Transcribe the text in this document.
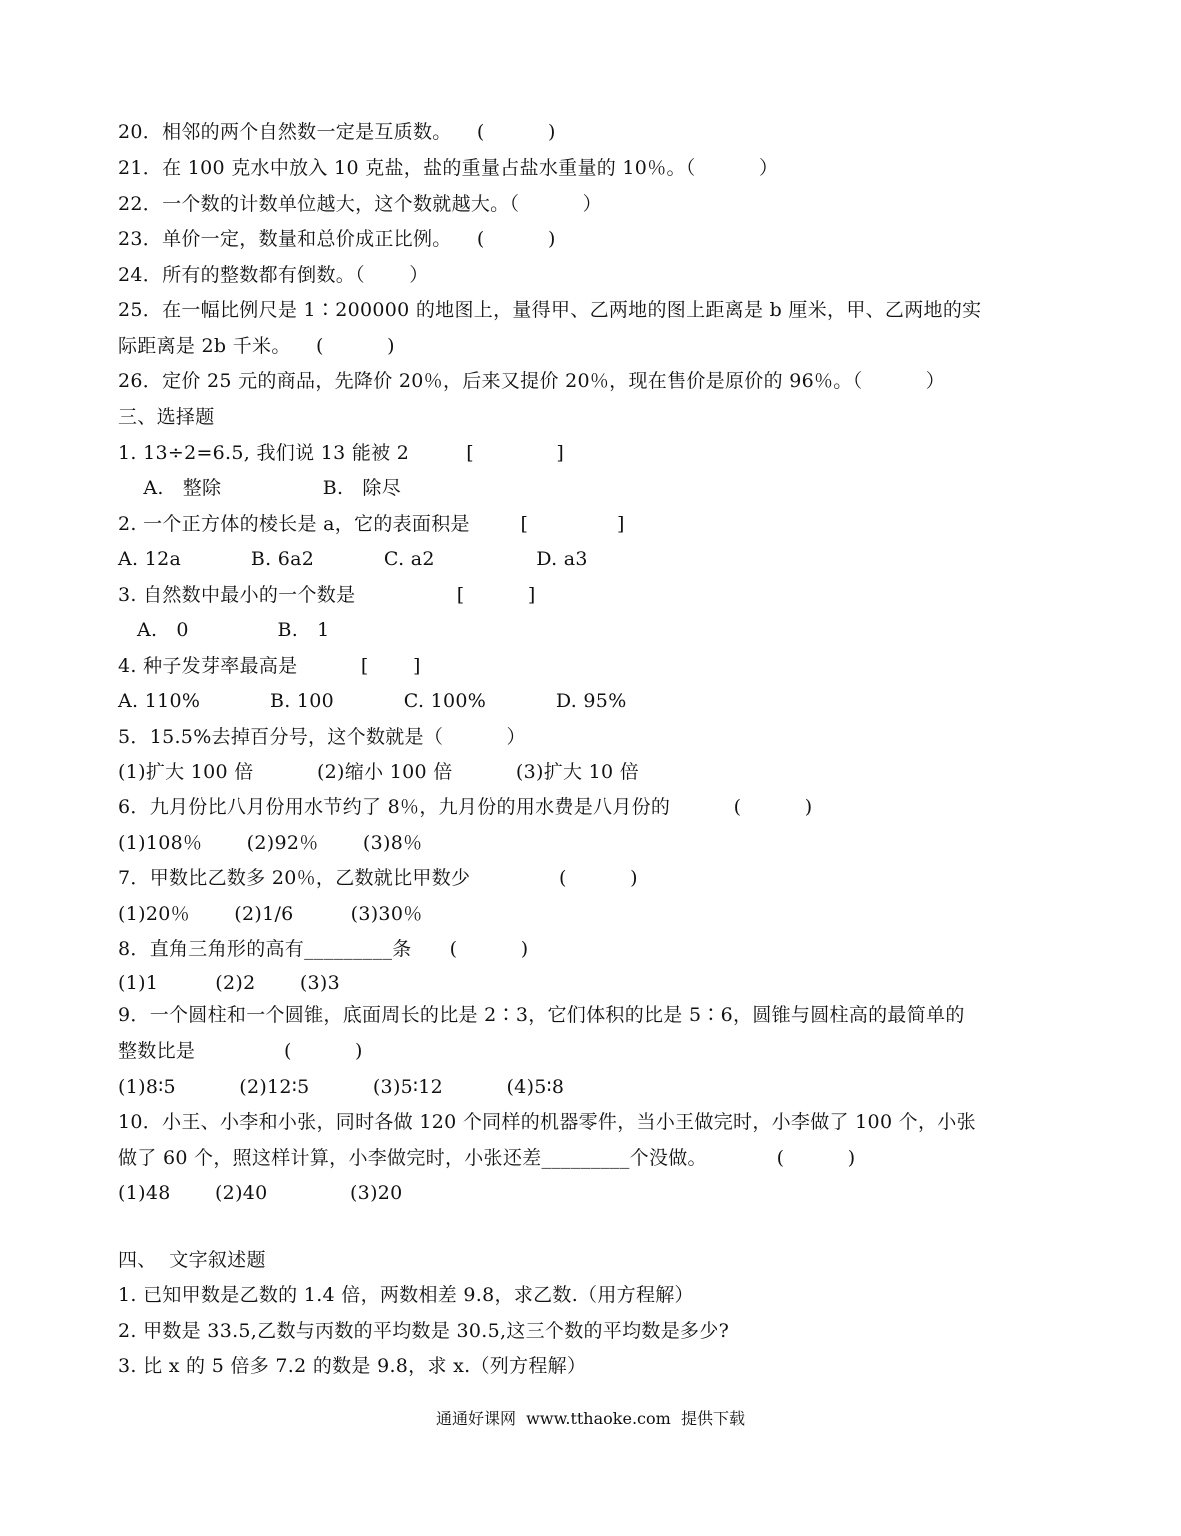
20．相邻的两个自然数一定是互质数。    (          )
21．在 100 克水中放入 10 克盐，盐的重量占盐水重量的 10％。（          ）
22．一个数的计数单位越大，这个数就越大。（          ）
23．单价一定，数量和总价成正比例。    (          )
24．所有的整数都有倒数。（       ）
25．在一幅比例尺是 1∶200000 的地图上，量得甲、乙两地的图上距离是 b 厘米，甲、乙两地的实
际距离是 2b 千米。    (          )
26．定价 25 元的商品，先降价 20％，后来又提价 20％，现在售价是原价的 96％。（          ）
三、选择题
1. 13÷2=6.5, 我们说 13 能被 2         [             ]
A.   整除                B.   除尽
2. 一个正方体的棱长是 a，它的表面积是        [              ]
A. 12a           B. 6a2           C. a2                D. a3
3. 自然数中最小的一个数是                [          ]
A.   0              B.   1
4. 种子发芽率最高是          [       ]
A. 110%           B. 100           C. 100%           D. 95%
5．15.5%去掉百分号，这个数就是（          ）
(1)扩大 100 倍          (2)缩小 100 倍          (3)扩大 10 倍
6．九月份比八月份用水节约了 8％，九月份的用水费是八月份的          (          )
(1)108％       (2)92％       (3)8％
7．甲数比乙数多 20％，乙数就比甲数少              (          )
(1)20％       (2)1/6         (3)30％
8．直角三角形的高有_________条      (          )
(1)1         (2)2       (3)3
9．一个圆柱和一个圆锥，底面周长的比是 2∶3，它们体积的比是 5∶6，圆锥与圆柱高的最简单的
整数比是              (          )
(1)8∶5          (2)12∶5          (3)5∶12          (4)5∶8
10．小王、小李和小张，同时各做 120 个同样的机器零件，当小王做完时，小李做了 100 个，小张
做了 60 个，照这样计算，小李做完时，小张还差_________个没做。           (          )
(1)48       (2)40             (3)20
四、  文字叙述题
1. 已知甲数是乙数的 1.4 倍，两数相差 9.8，求乙数.（用方程解）
2. 甲数是 33.5,乙数与丙数的平均数是 30.5,这三个数的平均数是多少?
3. 比 x 的 5 倍多 7.2 的数是 9.8，求 x.（列方程解）
通通好课网  www.tthaoke.com  提供下载
